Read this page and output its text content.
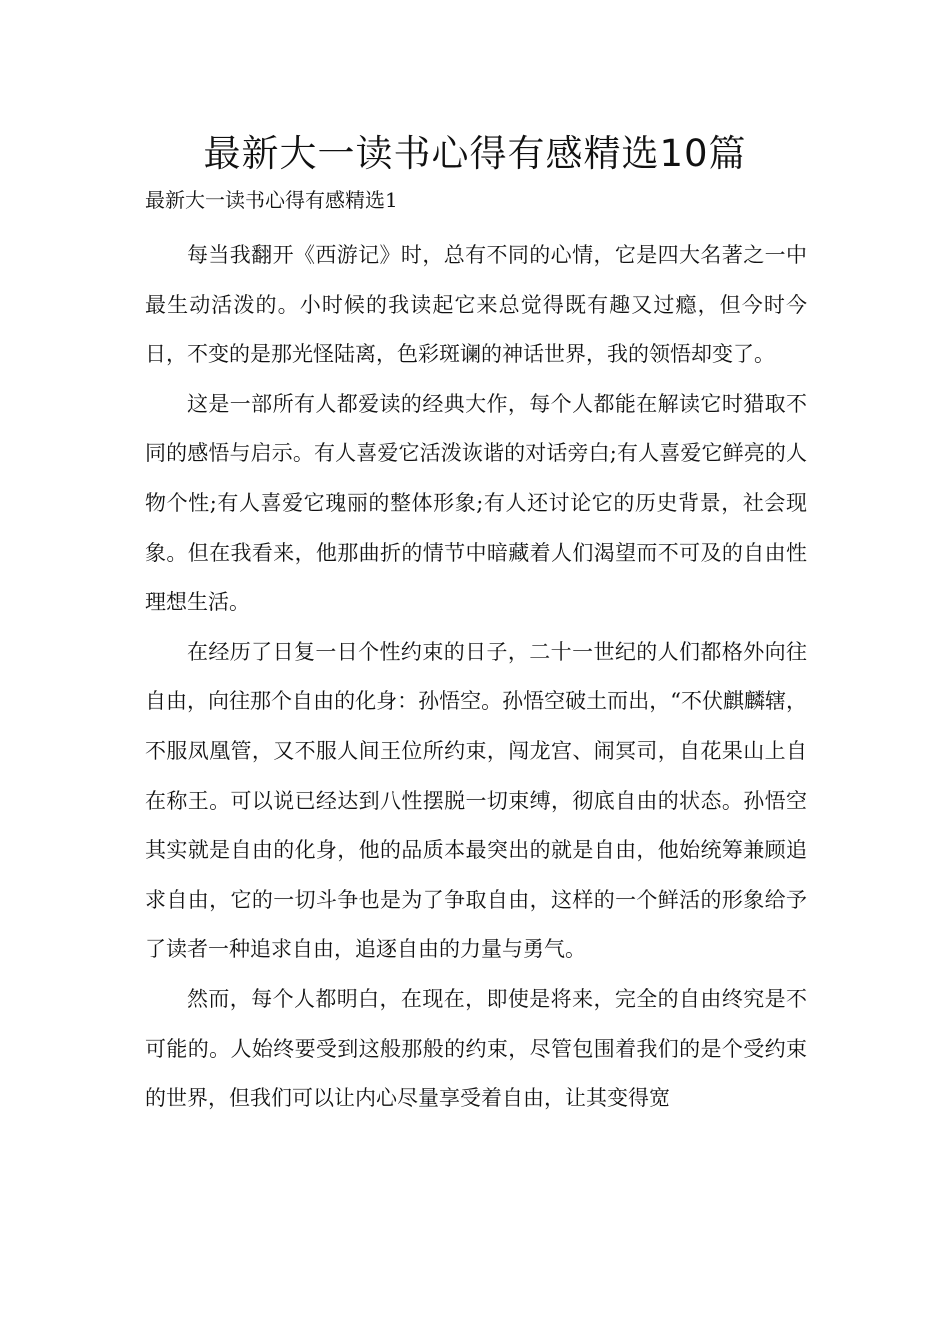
最新大一读书心得有感精选10篇

最新大一读书心得有感精选1

每当我翻开《西游记》时，总有不同的心情，它是四大名著之一中最生动活泼的。小时候的我读起它来总觉得既有趣又过瘾，但今时今日，不变的是那光怪陆离，色彩斑谰的神话世界，我的领悟却变了。

这是一部所有人都爱读的经典大作，每个人都能在解读它时猎取不同的感悟与启示。有人喜爱它活泼诙谐的对话旁白;有人喜爱它鲜亮的人物个性;有人喜爱它瑰丽的整体形象;有人还讨论它的历史背景，社会现象。但在我看来，他那曲折的情节中暗藏着人们渴望而不可及的自由性理想生活。

在经历了日复一日个性约束的日子，二十一世纪的人们都格外向往自由，向往那个自由的化身：孙悟空。孙悟空破土而出，“不伏麒麟辖，不服凤凰管，又不服人间王位所约束，闯龙宫、闹冥司，自花果山上自在称王。可以说已经达到八性摆脱一切束缚，彻底自由的状态。孙悟空其实就是自由的化身，他的品质本最突出的就是自由，他始统筹兼顾追求自由，它的一切斗争也是为了争取自由，这样的一个鲜活的形象给予了读者一种追求自由，追逐自由的力量与勇气。

然而，每个人都明白，在现在，即使是将来，完全的自由终究是不可能的。人始终要受到这般那般的约束，尽管包围着我们的是个受约束的世界，但我们可以让内心尽量享受着自由，让其变得宽
